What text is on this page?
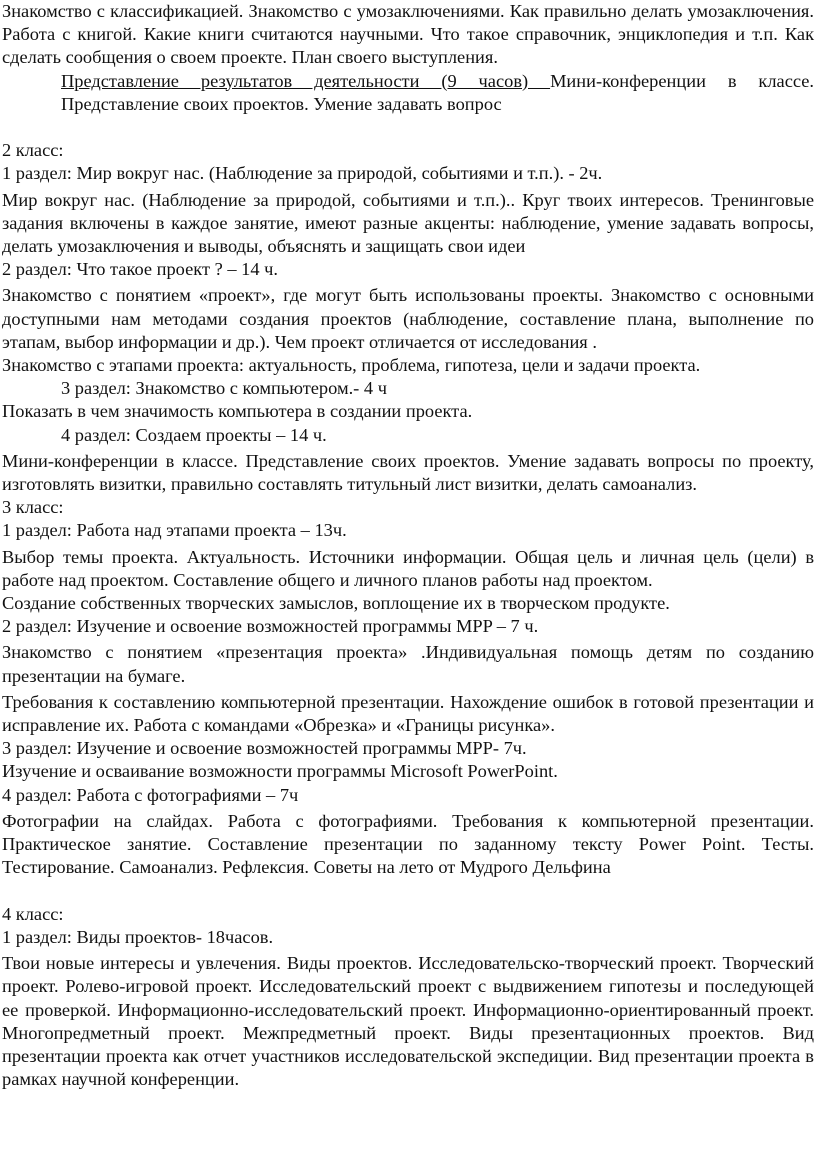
Знакомство с классификацией. Знакомство с умозаключениями. Как правильно делать умозаключения. Работа с книгой. Какие книги считаются научными. Что такое справочник, энциклопедия и т.п. Как сделать сообщения о своем проекте. План своего выступления.

Представление результатов деятельности (9 часов) Мини-конференции в классе. Представление своих проектов. Умение задавать вопрос

2 класс:

1 раздел: Мир вокруг нас. (Наблюдение за природой, событиями и т.п.). - 2ч.

Мир вокруг нас. (Наблюдение за природой, событиями и т.п.).. Круг твоих интересов. Тренинговые задания включены в каждое занятие, имеют разные акценты: наблюдение, умение задавать вопросы, делать умозаключения и выводы, объяснять и защищать свои идеи

2 раздел: Что такое проект ? – 14 ч.

Знакомство с понятием «проект», где могут быть использованы проекты. Знакомство с основными доступными нам методами создания проектов (наблюдение, составление плана, выполнение по этапам, выбор информации и др.). Чем проект отличается от исследования .

Знакомство с этапами проекта: актуальность, проблема, гипотеза, цели и задачи проекта.

3 раздел: Знакомство с компьютером.- 4 ч

Показать в чем значимость компьютера в создании проекта.

4 раздел: Создаем проекты – 14 ч.

Мини-конференции в классе. Представление своих проектов. Умение задавать вопросы по проекту, изготовлять визитки, правильно составлять титульный лист визитки, делать самоанализ.

3 класс:

1 раздел: Работа над этапами проекта – 13ч.

Выбор темы проекта. Актуальность. Источники информации. Общая цель и личная цель (цели) в работе над проектом. Составление общего и личного планов работы над проектом.

Создание собственных творческих замыслов, воплощение их в творческом продукте.

2 раздел: Изучение и освоение возможностей программы MPP – 7 ч.

Знакомство с понятием «презентация проекта» .Индивидуальная помощь детям по созданию презентации на бумаге.

Требования к составлению компьютерной презентации. Нахождение ошибок в готовой презентации и исправление их. Работа с командами «Обрезка» и «Границы рисунка».

3 раздел: Изучение и освоение возможностей программы MPP- 7ч.

Изучение и осваивание возможности программы Microsoft PowerPoint.

4 раздел: Работа с фотографиями – 7ч

Фотографии на слайдах. Работа с фотографиями. Требования к компьютерной презентации. Практическое занятие. Составление презентации по заданному тексту Power Point. Тесты. Тестирование. Самоанализ. Рефлексия. Советы на лето от Мудрого Дельфина

4 класс:

1 раздел: Виды проектов- 18часов.

Твои новые интересы и увлечения. Виды проектов. Исследовательско-творческий проект. Творческий проект. Ролево-игровой проект. Исследовательский проект с выдвижением гипотезы и последующей ее проверкой. Информационно-исследовательский проект. Информационно-ориентированный проект. Многопредметный проект. Межпредметный проект. Виды презентационных проектов. Вид презентации проекта как отчет участников исследовательской экспедиции. Вид презентации проекта в рамках научной конференции.
